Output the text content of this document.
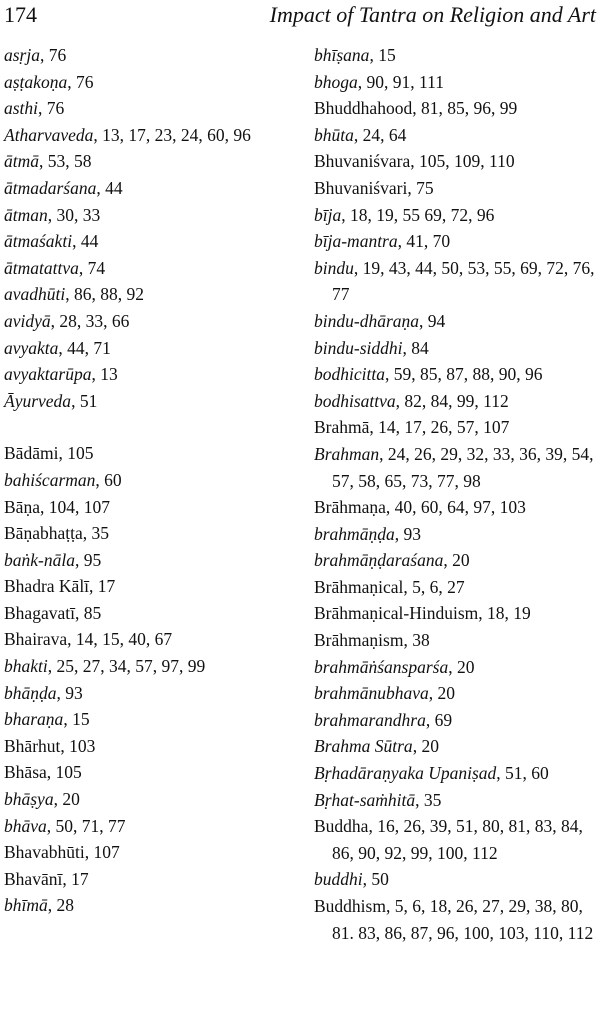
174	Impact of Tantra on Religion and Art
asṛja, 76
aṣṭakoṇa, 76
asthi, 76
Atharvaveda, 13, 17, 23, 24, 60, 96
ātmā, 53, 58
ātmadarśana, 44
ātman, 30, 33
ātmaśakti, 44
ātmatattva, 74
avadhūti, 86, 88, 92
avidyā, 28, 33, 66
avyakta, 44, 71
avyaktarūpa, 13
Āyurveda, 51
Bādāmi, 105
bahiścarman, 60
Bāṇa, 104, 107
Bāṇabhaṭṭa, 35
baṅk-nāla, 95
Bhadra Kālī, 17
Bhagavatī, 85
Bhairava, 14, 15, 40, 67
bhakti, 25, 27, 34, 57, 97, 99
bhāṇḍa, 93
bharaṇa, 15
Bhārhut, 103
Bhāsa, 105
bhāṣya, 20
bhāva, 50, 71, 77
Bhavabhūti, 107
Bhavānī, 17
bhīmā, 28
bhīṣana, 15
bhoga, 90, 91, 111
Bhuddhahood, 81, 85, 96, 99
bhūta, 24, 64
Bhuvaniśvara, 105, 109, 110
Bhuvaniśvari, 75
bīja, 18, 19, 55 69, 72, 96
bīja-mantra, 41, 70
bindu, 19, 43, 44, 50, 53, 55, 69, 72, 76, 77
bindu-dhāraṇa, 94
bindu-siddhi, 84
bodhicitta, 59, 85, 87, 88, 90, 96
bodhisattva, 82, 84, 99, 112
Brahmā, 14, 17, 26, 57, 107
Brahman, 24, 26, 29, 32, 33, 36, 39, 54, 57, 58, 65, 73, 77, 98
Brāhmaṇa, 40, 60, 64, 97, 103
brahmāṇḍa, 93
brahmāṇḍaraśana, 20
Brāhmaṇical, 5, 6, 27
Brāhmaṇical-Hinduism, 18, 19
Brāhmaṇism, 38
brahmāṅśansparśa, 20
brahmānubhava, 20
brahmarandhra, 69
Brahma Sūtra, 20
Bṛhadāraṇyaka Upaniṣad, 51, 60
Bṛhat-saṁhitā, 35
Buddha, 16, 26, 39, 51, 80, 81, 83, 84, 86, 90, 92, 99, 100, 112
buddhi, 50
Buddhism, 5, 6, 18, 26, 27, 29, 38, 80, 81. 83, 86, 87, 96, 100, 103, 110, 112
